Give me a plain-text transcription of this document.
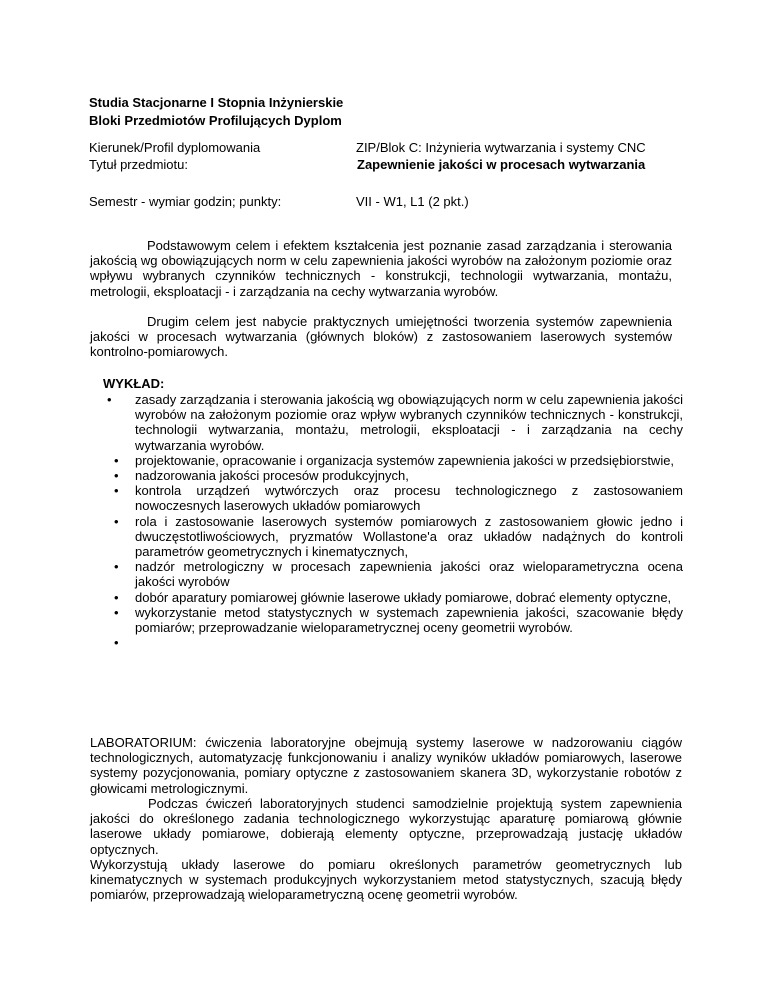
Studia Stacjonarne I Stopnia Inżynierskie
Bloki Przedmiotów Profilujących Dyplom
Kierunek/Profil dyplomowania	ZIP/Blok C: Inżynieria wytwarzania i systemy CNC
Tytuł przedmiotu:	Zapewnienie jakości w procesach wytwarzania
Semestr - wymiar godzin; punkty:	VII - W1, L1 (2 pkt.)
Podstawowym celem i efektem kształcenia jest poznanie zasad zarządzania i sterowania jakością wg obowiązujących norm w celu zapewnienia jakości wyrobów na założonym poziomie oraz wpływu wybranych czynników technicznych - konstrukcji, technologii wytwarzania, montażu, metrologii, eksploatacji - i zarządzania na cechy wytwarzania wyrobów.
Drugim celem jest nabycie praktycznych umiejętności tworzenia systemów zapewnienia jakości w procesach wytwarzania (głównych bloków) z zastosowaniem laserowych systemów kontrolno-pomiarowych.
WYKŁAD:
•	zasady zarządzania i sterowania jakością wg obowiązujących norm w celu zapewnienia jakości wyrobów na założonym poziomie oraz wpływ wybranych czynników technicznych - konstrukcji, technologii wytwarzania, montażu, metrologii, eksploatacji - i zarządzania na cechy wytwarzania wyrobów.
•	projektowanie, opracowanie i organizacja systemów zapewnienia jakości w przedsiębiorstwie,
•	nadzorowania jakości procesów produkcyjnych,
•	kontrola urządzeń wytwórczych oraz procesu technologicznego z zastosowaniem nowoczesnych laserowych układów pomiarowych
•	rola i zastosowanie laserowych systemów pomiarowych z zastosowaniem głowic jedno i dwuczęstotliwościowych, pryzmatów Wollastone'a oraz układów nadążnych do kontroli parametrów geometrycznych i kinematycznych,
•	nadzór metrologiczny w procesach zapewnienia jakości oraz wieloparametryczna ocena jakości wyrobów
•	dobór aparatury pomiarowej głównie laserowe układy pomiarowe, dobrać elementy optyczne,
•	wykorzystanie metod statystycznych w systemach zapewnienia jakości, szacowanie błędy pomiarów; przeprowadzanie wieloparametrycznej oceny geometrii wyrobów.
•
LABORATORIUM: ćwiczenia laboratoryjne obejmują systemy laserowe w nadzorowaniu ciągów technologicznych, automatyzację funkcjonowaniu i analizy wyników układów pomiarowych, laserowe systemy pozycjonowania, pomiary optyczne z zastosowaniem skanera 3D, wykorzystanie robotów z głowicami metrologicznymi.
Podczas ćwiczeń laboratoryjnych studenci samodzielnie projektują system zapewnienia jakości do określonego zadania technologicznego wykorzystując aparaturę pomiarową głównie laserowe układy pomiarowe, dobierają elementy optyczne, przeprowadzają justację układów optycznych.
Wykorzystują układy laserowe do pomiaru określonych parametrów geometrycznych lub kinematycznych w systemach produkcyjnych wykorzystaniem metod statystycznych, szacują błędy pomiarów, przeprowadzają wieloparametryczną ocenę geometrii wyrobów.
